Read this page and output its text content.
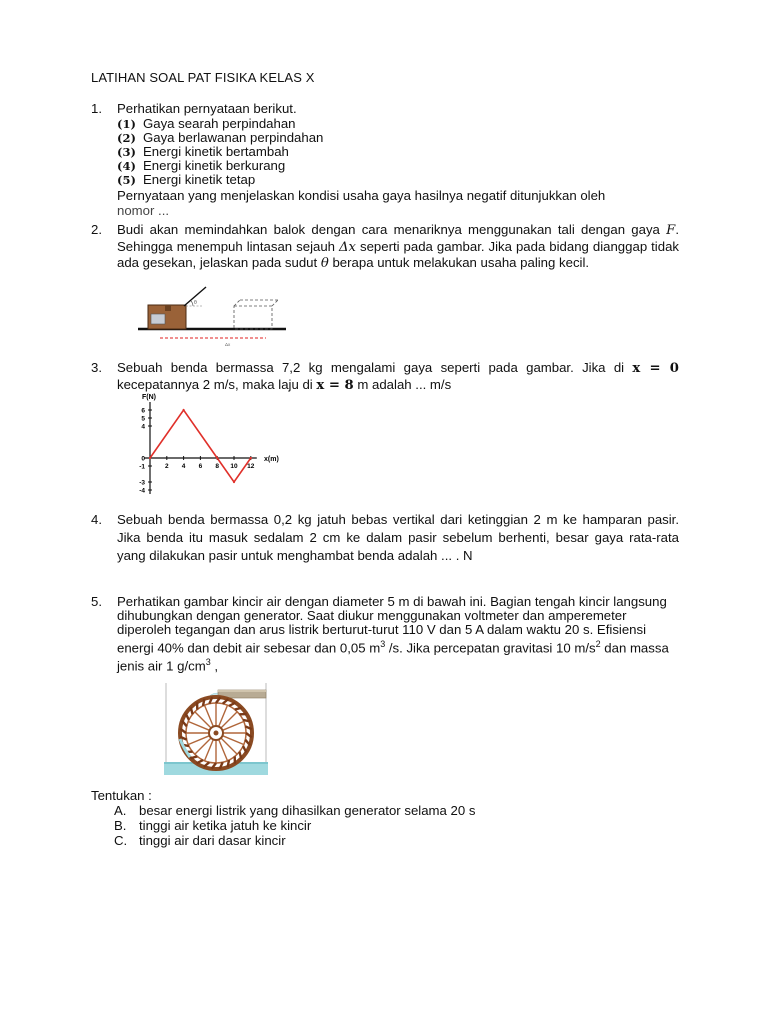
LATIHAN SOAL PAT FISIKA KELAS X
1. Perhatikan pernyataan berikut.
(1) Gaya searah perpindahan
(2) Gaya berlawanan perpindahan
(3) Energi kinetik bertambah
(4) Energi kinetik berkurang
(5) Energi kinetik tetap
Pernyataan yang menjelaskan kondisi usaha gaya hasilnya negatif ditunjukkan oleh
nomor ...
2. Budi akan memindahkan balok dengan cara menariknya menggunakan tali dengan gaya F. Sehingga menempuh lintasan sejauh Δx seperti pada gambar. Jika pada bidang dianggap tidak ada gesekan, jelaskan pada sudut θ berapa untuk melakukan usaha paling kecil.
θ
Δx
3. Sebuah benda bermassa 7,2 kg mengalami gaya seperti pada gambar. Jika di x = 0 kecepatannya 2 m/s, maka laju di x = 8 m adalah ... m/s
F(N)
x(m)
2 4 6 8 10 12
6
5
4
0
-1
-3
-4
4. Sebuah benda bermassa 0,2 kg jatuh bebas vertikal dari ketinggian 2 m ke hamparan pasir. Jika benda itu masuk sedalam 2 cm ke dalam pasir sebelum berhenti, besar gaya rata-rata yang dilakukan pasir untuk menghambat benda adalah ... . N
5. Perhatikan gambar kincir air dengan diameter 5 m di bawah ini. Bagian tengah kincir langsung dihubungkan dengan generator. Saat diukur menggunakan voltmeter dan amperemeter diperoleh tegangan dan arus listrik berturut-turut 110 V dan 5 A dalam waktu 20 s. Efisiensi energi 40% dan debit air sebesar dan 0,05 $m^3$ /s. Jika percepatan gravitasi 10 $m/s^2$ dan massa jenis air 1 $g/cm^3$ ,
Tentukan :
A. besar energi listrik yang dihasilkan generator selama 20 s
B. tinggi air ketika jatuh ke kincir
C. tinggi air dari dasar kincir
